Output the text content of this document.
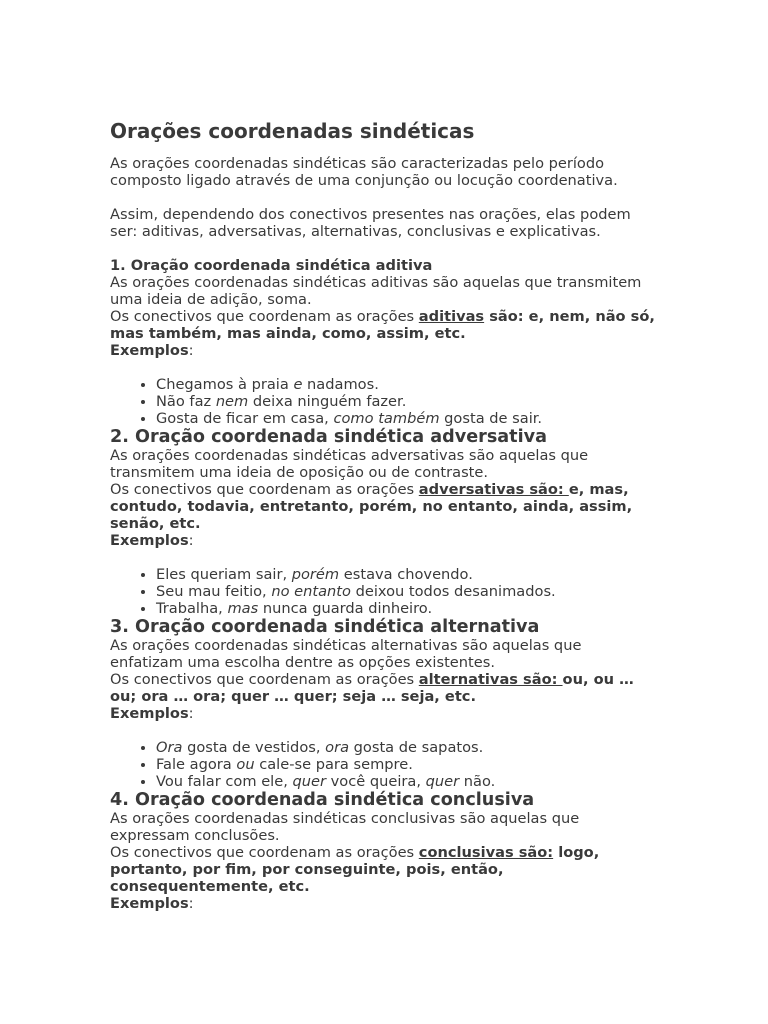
Orações coordenadas sindéticas

As orações coordenadas sindéticas são caracterizadas pelo período composto ligado através de uma conjunção ou locução coordenativa.

Assim, dependendo dos conectivos presentes nas orações, elas podem ser: aditivas, adversativas, alternativas, conclusivas e explicativas.

1. Oração coordenada sindética aditiva

As orações coordenadas sindéticas aditivas são aquelas que transmitem uma ideia de adição, soma.

Os conectivos que coordenam as orações aditivas são: e, nem, não só, mas também, mas ainda, como, assim, etc.

Exemplos:

• Chegamos à praia e nadamos.
• Não faz nem deixa ninguém fazer.
• Gosta de ficar em casa, como também gosta de sair.
2. Oração coordenada sindética adversativa

As orações coordenadas sindéticas adversativas são aquelas que transmitem uma ideia de oposição ou de contraste.

Os conectivos que coordenam as orações adversativas são: e, mas, contudo, todavia, entretanto, porém, no entanto, ainda, assim, senão, etc.

Exemplos:

• Eles queriam sair, porém estava chovendo.
• Seu mau feitio, no entanto deixou todos desanimados.
• Trabalha, mas nunca guarda dinheiro.
3. Oração coordenada sindética alternativa

As orações coordenadas sindéticas alternativas são aquelas que enfatizam uma escolha dentre as opções existentes.

Os conectivos que coordenam as orações alternativas são: ou, ou … ou; ora … ora; quer … quer; seja … seja, etc.

Exemplos:

• Ora gosta de vestidos, ora gosta de sapatos.
• Fale agora ou cale-se para sempre.
• Vou falar com ele, quer você queira, quer não.
4. Oração coordenada sindética conclusiva

As orações coordenadas sindéticas conclusivas são aquelas que expressam conclusões.

Os conectivos que coordenam as orações conclusivas são: logo, portanto, por fim, por conseguinte, pois, então, consequentemente, etc.

Exemplos:
